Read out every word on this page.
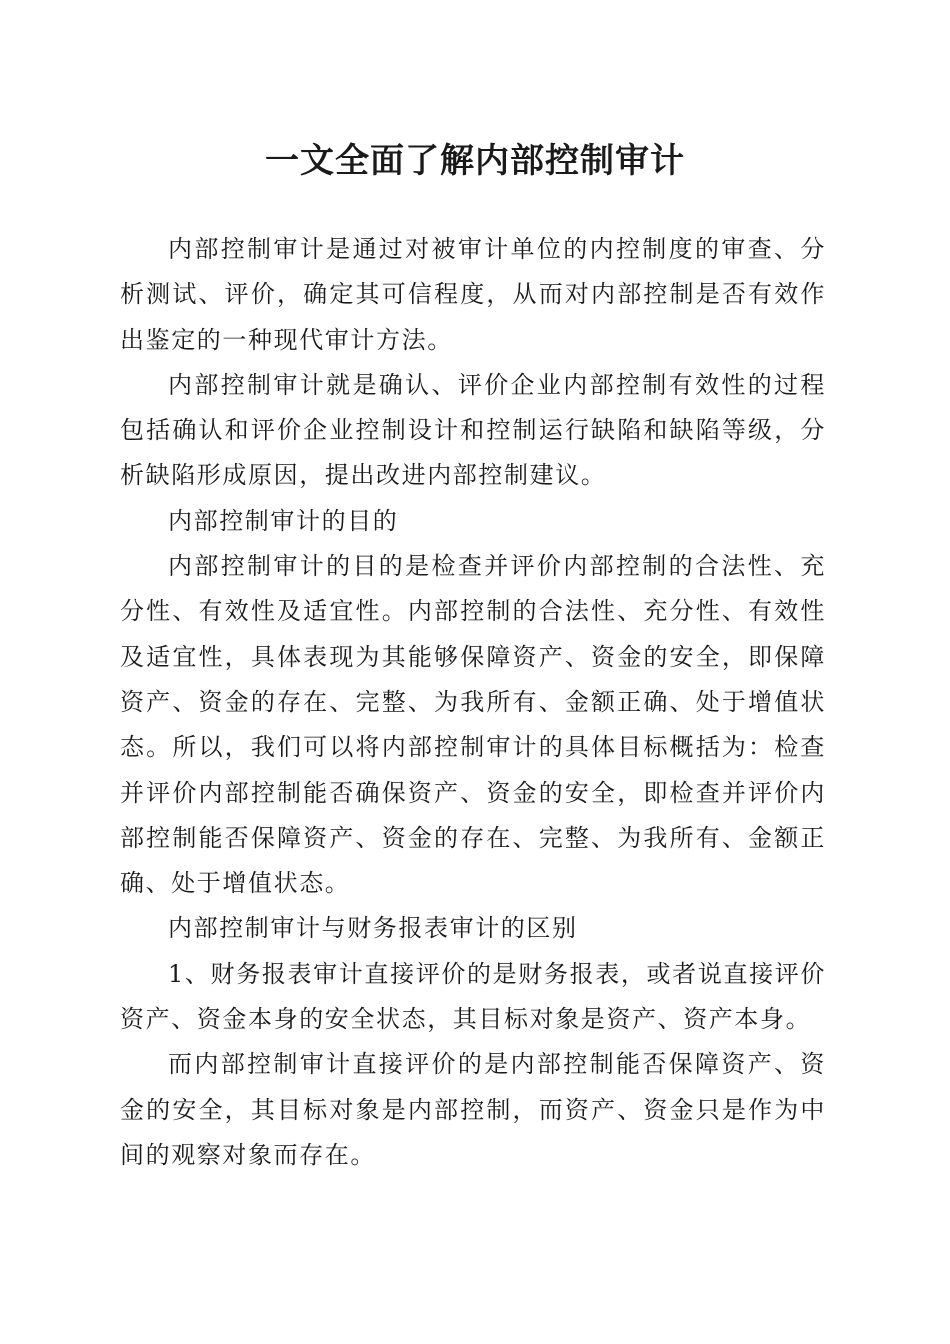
一文全面了解内部控制审计

内部控制审计是通过对被审计单位的内控制度的审查、分析测试、评价，确定其可信程度，从而对内部控制是否有效作出鉴定的一种现代审计方法。

内部控制审计就是确认、评价企业内部控制有效性的过程包括确认和评价企业控制设计和控制运行缺陷和缺陷等级，分析缺陷形成原因，提出改进内部控制建议。

内部控制审计的目的

内部控制审计的目的是检查并评价内部控制的合法性、充分性、有效性及适宜性。内部控制的合法性、充分性、有效性及适宜性，具体表现为其能够保障资产、资金的安全，即保障资产、资金的存在、完整、为我所有、金额正确、处于增值状态。所以，我们可以将内部控制审计的具体目标概括为：检查并评价内部控制能否确保资产、资金的安全，即检查并评价内部控制能否保障资产、资金的存在、完整、为我所有、金额正确、处于增值状态。

内部控制审计与财务报表审计的区别

1、财务报表审计直接评价的是财务报表，或者说直接评价资产、资金本身的安全状态，其目标对象是资产、资产本身。

而内部控制审计直接评价的是内部控制能否保障资产、资金的安全，其目标对象是内部控制，而资产、资金只是作为中间的观察对象而存在。
